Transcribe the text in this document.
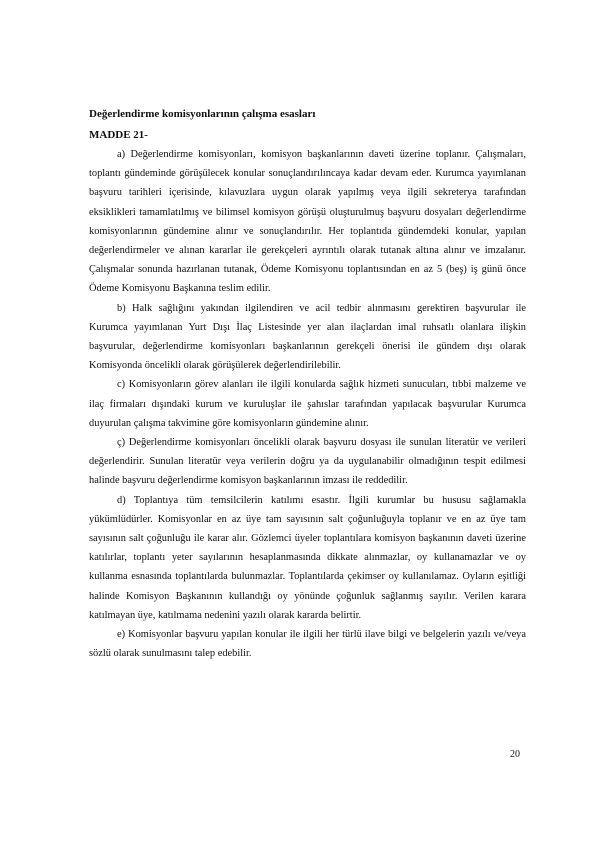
Değerlendirme komisyonlarının çalışma esasları

MADDE 21-

a) Değerlendirme komisyonları, komisyon başkanlarının daveti üzerine toplanır. Çalışmaları, toplantı gündeminde görüşülecek konular sonuçlandırılıncaya kadar devam eder. Kurumca yayımlanan başvuru tarihleri içerisinde, kılavuzlara uygun olarak yapılmış veya ilgili sekreterya tarafından eksiklikleri tamamlatılmış ve bilimsel komisyon görüşü oluşturulmuş başvuru dosyaları değerlendirme komisyonlarının gündemine alınır ve sonuçlandırılır. Her toplantıda gündemdeki konular, yapılan değerlendirmeler ve alınan kararlar ile gerekçeleri ayrıntılı olarak tutanak altına alınır ve imzalanır. Çalışmalar sonunda hazırlanan tutanak, Ödeme Komisyonu toplantısından en az 5 (beş) iş günü önce Ödeme Komisyonu Başkanına teslim edilir.

b) Halk sağlığını yakından ilgilendiren ve acil tedbir alınmasını gerektiren başvurular ile Kurumca yayımlanan Yurt Dışı İlaç Listesinde yer alan ilaçlardan imal ruhsatlı olanlara ilişkin başvurular, değerlendirme komisyonları başkanlarının gerekçeli önerisi ile gündem dışı olarak Komisyonda öncelikli olarak görüşülerek değerlendirilebilir.

c) Komisyonların görev alanları ile ilgili konularda sağlık hizmeti sunucuları, tıbbi malzeme ve ilaç firmaları dışındaki kurum ve kuruluşlar ile şahıslar tarafından yapılacak başvurular Kurumca duyurulan çalışma takvimine göre komisyonların gündemine alınır.

ç) Değerlendirme komisyonları öncelikli olarak başvuru dosyası ile sunulan literatür ve verileri değerlendirir. Sunulan literatür veya verilerin doğru ya da uygulanabilir olmadığının tespit edilmesi halinde başvuru değerlendirme komisyon başkanlarının imzası ile reddedilir.

d) Toplantıya tüm temsilcilerin katılımı esastır. İlgili kurumlar bu hususu sağlamakla yükümlüdürler. Komisyonlar en az üye tam sayısının salt çoğunluğuyla toplanır ve en az üye tam sayısının salt çoğunluğu ile karar alır. Gözlemci üyeler toplantılara komisyon başkanının daveti üzerine katılırlar, toplantı yeter sayılarının hesaplanmasında dikkate alınmazlar, oy kullanamazlar ve oy kullanma esnasında toplantılarda bulunmazlar. Toplantılarda çekimser oy kullanılamaz. Oyların eşitliği halinde Komisyon Başkanının kullandığı oy yönünde çoğunluk sağlanmış sayılır. Verilen karara katılmayan üye, katılmama nedenini yazılı olarak kararda belirtir.

e) Komisyonlar başvuru yapılan konular ile ilgili her türlü ilave bilgi ve belgelerin yazılı ve/veya sözlü olarak sunulmasını talep edebilir.

20
